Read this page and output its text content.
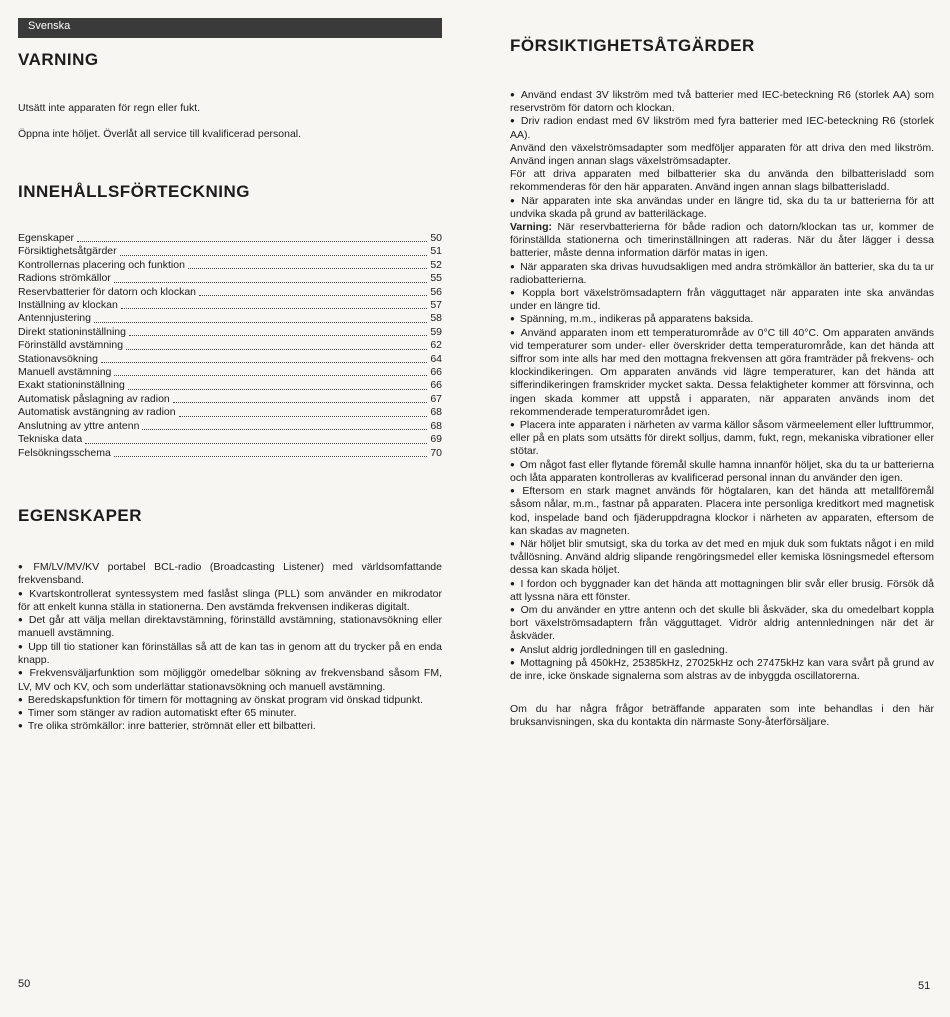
Svenska
VARNING

Utsätt inte apparaten för regn eller fukt.

Öppna inte höljet. Överlåt all service till kvalificerad personal.

INNEHÅLLSFÖRTECKNING
Egenskaper	50
Försiktighetsåtgärder	51
Kontrollernas placering och funktion	52
Radions strömkällor	55
Reservbatterier för datorn och klockan	56
Inställning av klockan	57
Antennjustering	58
Direkt stationinställning	59
Förinställd avstämning	62
Stationavsökning	64
Manuell avstämning	66
Exakt stationinställning	66
Automatisk påslagning av radion	67
Automatisk avstängning av radion	68
Anslutning av yttre antenn	68
Tekniska data	69
Felsökningsschema	70
EGENSKAPER
● FM/LV/MV/KV portabel BCL-radio (Broadcasting Listener) med världsomfattande frekvensband.
● Kvartskontrollerat syntessystem med faslåst slinga (PLL) som använder en mikrodator för att enkelt kunna ställa in stationerna. Den avstämda frekvensen indikeras digitalt.
● Det går att välja mellan direktavstämning, förinställd avstämning, stationavsökning eller manuell avstämning.
● Upp till tio stationer kan förinställas så att de kan tas in genom att du trycker på en enda knapp.
● Frekvensväljarfunktion som möjliggör omedelbar sökning av frekvensband såsom FM, LV, MV och KV, och som underlättar stationavsökning och manuell avstämning.
● Beredskapsfunktion för timern för mottagning av önskat program vid önskad tidpunkt.
● Timer som stänger av radion automatiskt efter 65 minuter.
● Tre olika strömkällor: inre batterier, strömnät eller ett bilbatteri.
50
FÖRSIKTIGHETSÅTGÄRDER

● Använd endast 3V likström med två batterier med IEC-beteckning R6 (storlek AA) som reservström för datorn och klockan.

● Driv radion endast med 6V likström med fyra batterier med IEC-beteckning R6 (storlek AA).

Använd den växelströmsadapter som medföljer apparaten för att driva den med likström. Använd ingen annan slags växelströmsadapter.

För att driva apparaten med bilbatterier ska du använda den bilbatterisladd som rekommenderas för den här apparaten. Använd ingen annan slags bilbatterisladd.

● När apparaten inte ska användas under en längre tid, ska du ta ur batterierna för att undvika skada på grund av batteriläckage.

Varning: När reservbatterierna för både radion och datorn/klockan tas ur, kommer de förinställda stationerna och timerinställningen att raderas. När du åter lägger i dessa batterier, måste denna information därför matas in igen.

● När apparaten ska drivas huvudsakligen med andra strömkällor än batterier, ska du ta ur radiobatterierna.

● Koppla bort växelströmsadaptern från vägguttaget när apparaten inte ska användas under en längre tid.

● Spänning, m.m., indikeras på apparatens baksida.

● Använd apparaten inom ett temperaturområde av 0°C till 40°C. Om apparaten används vid temperaturer som under- eller överskrider detta temperaturområde, kan det hända att siffror som inte alls har med den mottagna frekvensen att göra framträder på frekvens- och klockindikeringen. Om apparaten används vid lägre temperaturer, kan det hända att sifferindikeringen framskrider mycket sakta. Dessa felaktigheter kommer att försvinna, och ingen skada kommer att uppstå i apparaten, när apparaten används inom det rekommenderade temperaturområdet igen.

● Placera inte apparaten i närheten av varma källor såsom värmeelement eller lufttrummor, eller på en plats som utsätts för direkt solljus, damm, fukt, regn, mekaniska vibrationer eller stötar.

● Om något fast eller flytande föremål skulle hamna innanför höljet, ska du ta ur batterierna och låta apparaten kontrolleras av kvalificerad personal innan du använder den igen.

● Eftersom en stark magnet används för högtalaren, kan det hända att metallföremål såsom nålar, m.m., fastnar på apparaten. Placera inte personliga kreditkort med magnetisk kod, inspelade band och fjäderuppdragna klockor i närheten av apparaten, eftersom de kan skadas av magneten.

● När höljet blir smutsigt, ska du torka av det med en mjuk duk som fuktats något i en mild tvållösning. Använd aldrig slipande rengöringsmedel eller kemiska lösningsmedel eftersom dessa kan skada höljet.

● I fordon och byggnader kan det hända att mottagningen blir svår eller brusig. Försök då att lyssna nära ett fönster.

● Om du använder en yttre antenn och det skulle bli åskväder, ska du omedelbart koppla bort växelströmsadaptern från vägguttaget. Vidrör aldrig antennledningen när det är åskväder.

● Anslut aldrig jordledningen till en gasledning.

● Mottagning på 450kHz, 25385kHz, 27025kHz och 27475kHz kan vara svårt på grund av de inre, icke önskade signalerna som alstras av de inbyggda oscillatorerna.

Om du har några frågor beträffande apparaten som inte behandlas i den här bruksanvisningen, ska du kontakta din närmaste Sony-återförsäljare.

51
